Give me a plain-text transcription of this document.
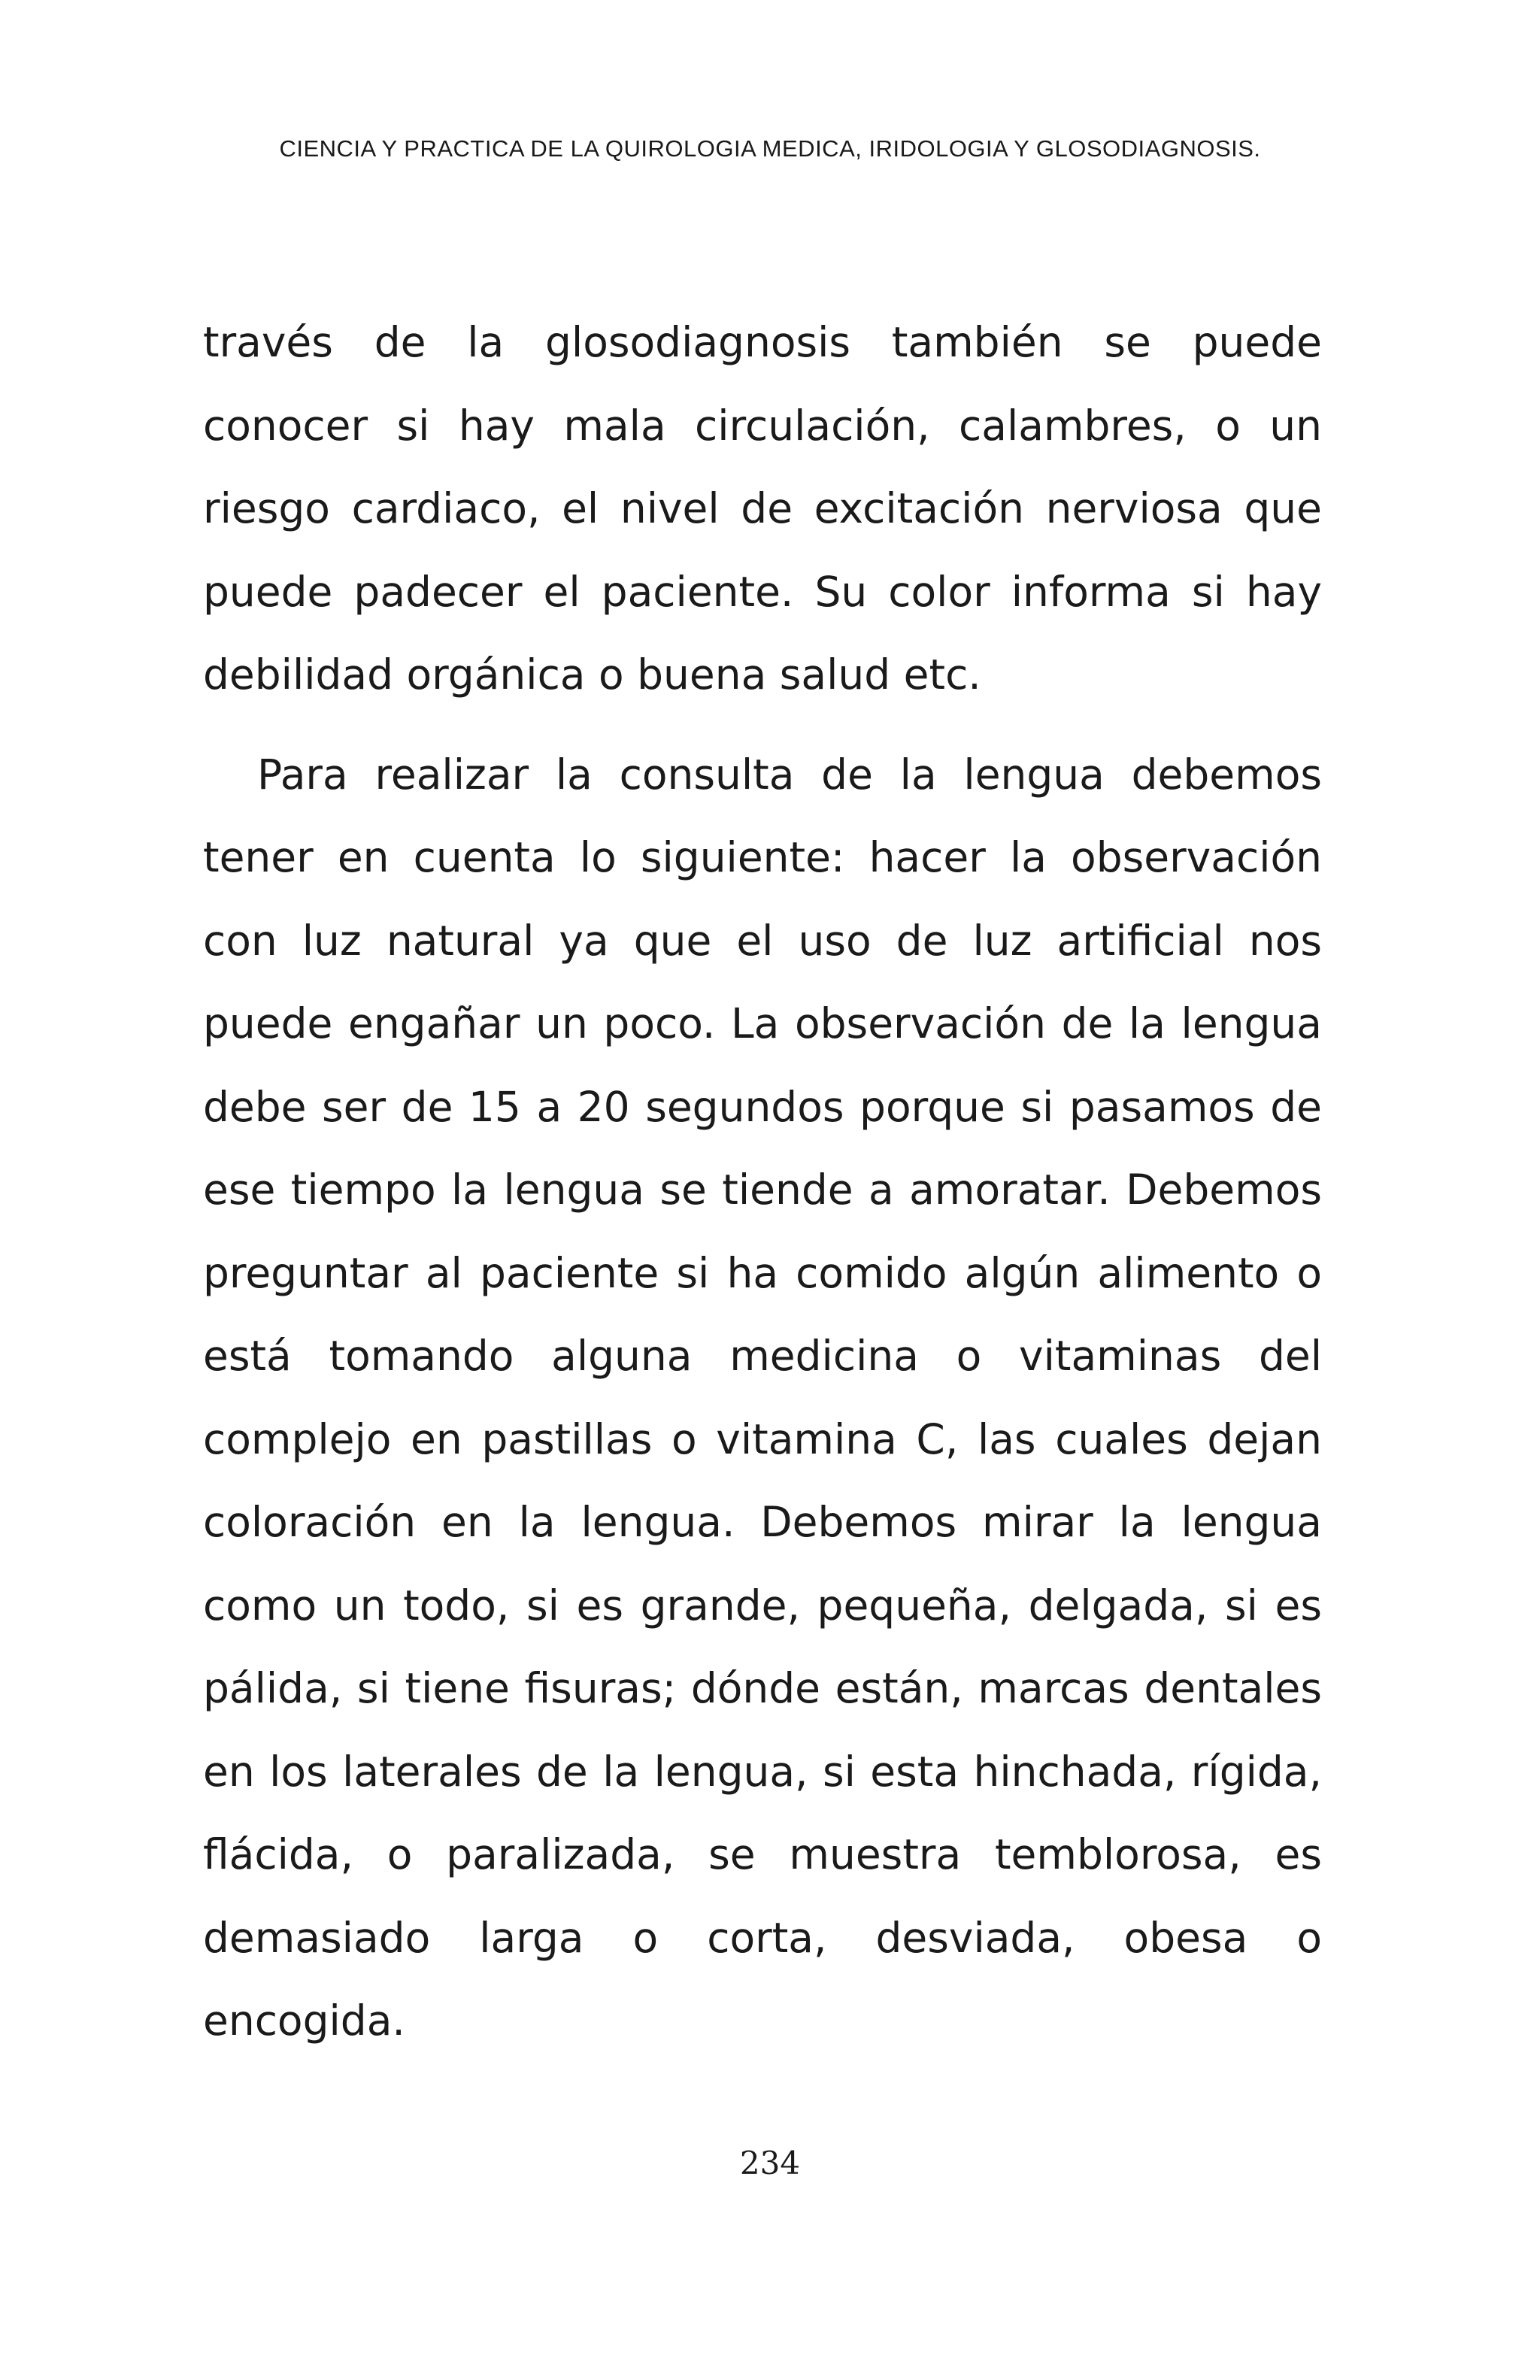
CIENCIA Y PRACTICA DE LA QUIROLOGIA MEDICA, IRIDOLOGIA Y GLOSODIAGNOSIS.

través de la glosodiagnosis también se puede conocer si hay mala circulación, calambres, o un riesgo cardiaco, el nivel de excitación nerviosa que puede padecer el paciente. Su color informa si hay debilidad orgánica o buena salud etc.

Para realizar la consulta de la lengua debemos tener en cuenta lo siguiente: hacer la observación con luz natural ya que el uso de luz artificial nos puede engañar un poco. La observación de la lengua debe ser de 15 a 20 segundos porque si pasamos de ese tiempo la lengua se tiende a amoratar. Debemos preguntar al paciente si ha comido algún alimento o está tomando alguna medicina o vitaminas del complejo en pastillas o vitamina C, las cuales dejan coloración en la lengua. Debemos mirar la lengua como un todo, si es grande, pequeña, delgada, si es pálida, si tiene fisuras; dónde están, marcas dentales en los laterales de la lengua, si esta hinchada, rígida, flácida, o paralizada, se muestra temblorosa, es demasiado larga o corta, desviada, obesa o encogida.

234
